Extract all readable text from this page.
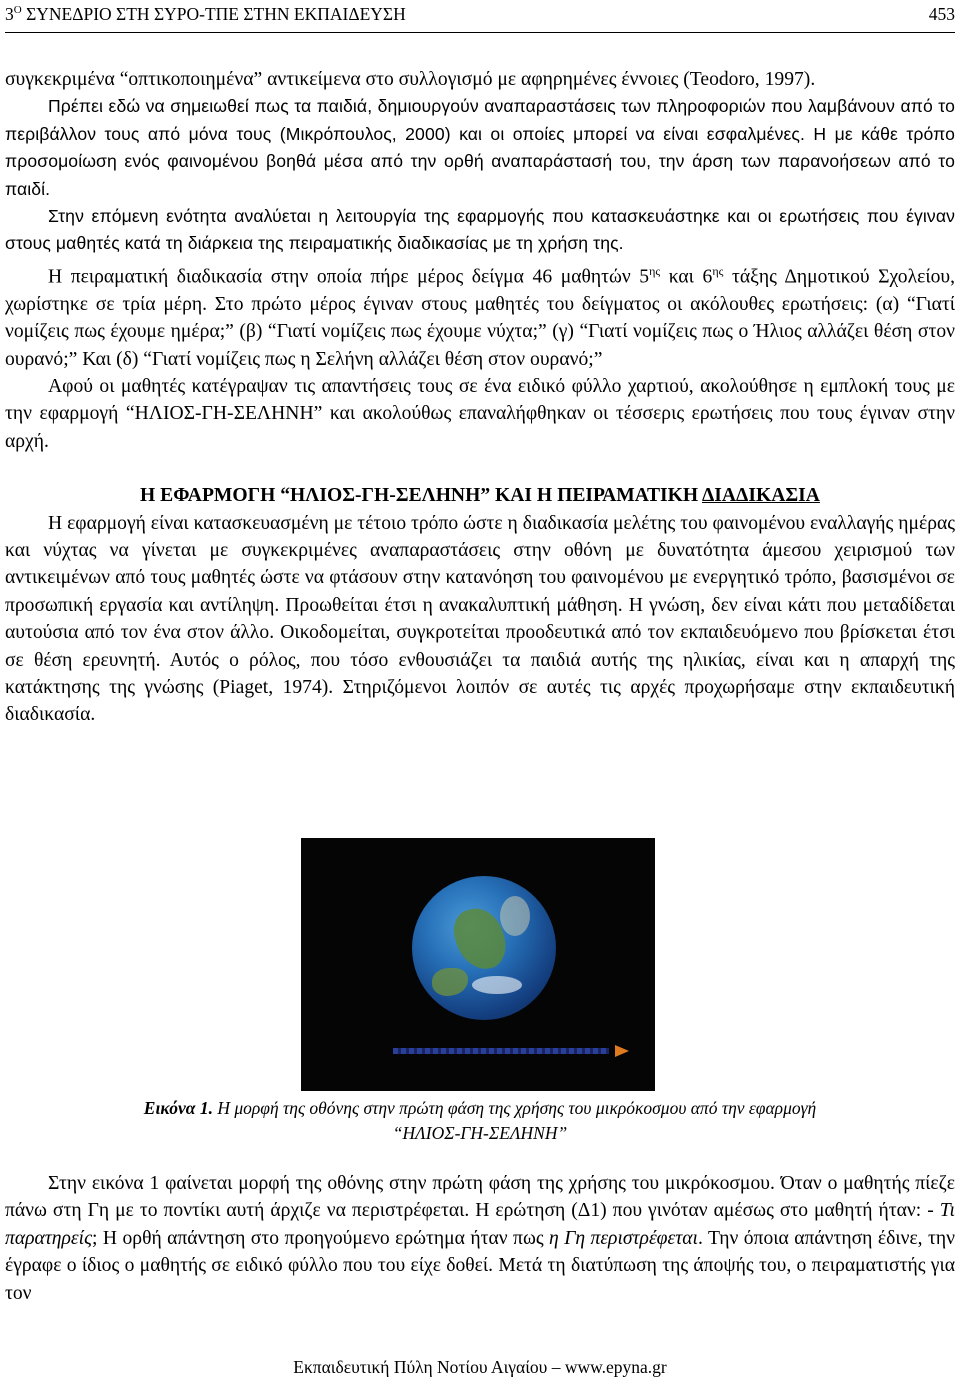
$3^O$ ΣΥΝΕΔΡΙΟ ΣΤΗ ΣΥΡΟ-ΤΠΕ ΣΤΗΝ ΕΚΠΑΙΔΕΥΣΗ	453

συγκεκριμένα “οπτικοποιημένα” αντικείμενα στο συλλογισμό με αφηρημένες έννοιες (Teodoro, 1997).

Πρέπει εδώ να σημειωθεί πως τα παιδιά, δημιουργούν αναπαραστάσεις των πληροφοριών που λαμβάνουν από το περιβάλλον τους από μόνα τους (Μικρόπουλος, 2000) και οι οποίες μπορεί να είναι εσφαλμένες. Η με κάθε τρόπο προσομοίωση ενός φαινομένου βοηθά μέσα από την ορθή αναπαράστασή του, την άρση των παρανοήσεων από το παιδί.

Στην επόμενη ενότητα αναλύεται η λειτουργία της εφαρμογής που κατασκευάστηκε και οι ερωτήσεις που έγιναν στους μαθητές κατά τη διάρκεια της πειραματικής διαδικασίας με τη χρήση της.

Η πειραματική διαδικασία στην οποία πήρε μέρος δείγμα 46 μαθητών $5^{\eta\varsigma}$ και $6^{\eta\varsigma}$ τάξης Δημοτικού Σχολείου, χωρίστηκε σε τρία μέρη. Στο πρώτο μέρος έγιναν στους μαθητές του δείγματος οι ακόλουθες ερωτήσεις: (α) “Γιατί νομίζεις πως έχουμε ημέρα;” (β) “Γιατί νομίζεις πως έχουμε νύχτα;” (γ) “Γιατί νομίζεις πως ο Ήλιος αλλάζει θέση στον ουρανό;” Και (δ) “Γιατί νομίζεις πως η Σελήνη αλλάζει θέση στον ουρανό;”

Αφού οι μαθητές κατέγραψαν τις απαντήσεις τους σε ένα ειδικό φύλλο χαρτιού, ακολούθησε η εμπλοκή τους με την εφαρμογή “ΗΛΙΟΣ-ΓΗ-ΣΕΛΗΝΗ” και ακολούθως επαναλήφθηκαν οι τέσσερις ερωτήσεις που τους έγιναν στην αρχή.

Η ΕΦΑΡΜΟΓΗ “ΗΛΙΟΣ-ΓΗ-ΣΕΛΗΝΗ” ΚΑΙ Η ΠΕΙΡΑΜΑΤΙΚΗ ΔΙΑΔΙΚΑΣΙΑ

Η εφαρμογή είναι κατασκευασμένη με τέτοιο τρόπο ώστε η διαδικασία μελέτης του φαινομένου εναλλαγής ημέρας και νύχτας να γίνεται με συγκεκριμένες αναπαραστάσεις στην οθόνη με δυνατότητα άμεσου χειρισμού των αντικειμένων από τους μαθητές ώστε να φτάσουν στην κατανόηση του φαινομένου με ενεργητικό τρόπο, βασισμένοι σε προσωπική εργασία και αντίληψη. Προωθείται έτσι η ανακαλυπτική μάθηση. Η γνώση, δεν είναι κάτι που μεταδίδεται αυτούσια από τον ένα στον άλλο. Οικοδομείται, συγκροτείται προοδευτικά από τον εκπαιδευόμενο που βρίσκεται έτσι σε θέση ερευνητή. Αυτός ο ρόλος, που τόσο ενθουσιάζει τα παιδιά αυτής της ηλικίας, είναι και η απαρχή της κατάκτησης της γνώσης (Piaget, 1974). Στηριζόμενοι λοιπόν σε αυτές τις αρχές προχωρήσαμε στην εκπαιδευτική διαδικασία.

Εικόνα 1. Η μορφή της οθόνης στην πρώτη φάση της χρήσης του μικρόκοσμου από την εφαρμογή
“ΗΛΙΟΣ-ΓΗ-ΣΕΛΗΝΗ”

Στην εικόνα 1 φαίνεται μορφή της οθόνης στην πρώτη φάση της χρήσης του μικρόκοσμου. Όταν ο μαθητής πίεζε πάνω στη Γη με το ποντίκι αυτή άρχιζε να περιστρέφεται. Η ερώτηση (Δ1) που γινόταν αμέσως στο μαθητή ήταν: - Τι παρατηρείς; Η ορθή απάντηση στο προηγούμενο ερώτημα ήταν πως η Γη περιστρέφεται. Την όποια απάντηση έδινε, την έγραφε ο ίδιος ο μαθητής σε ειδικό φύλλο που του είχε δοθεί. Μετά τη διατύπωση της άποψής του, ο πειραματιστής για τον

Εκπαιδευτική Πύλη Νοτίου Αιγαίου – www.epyna.gr
